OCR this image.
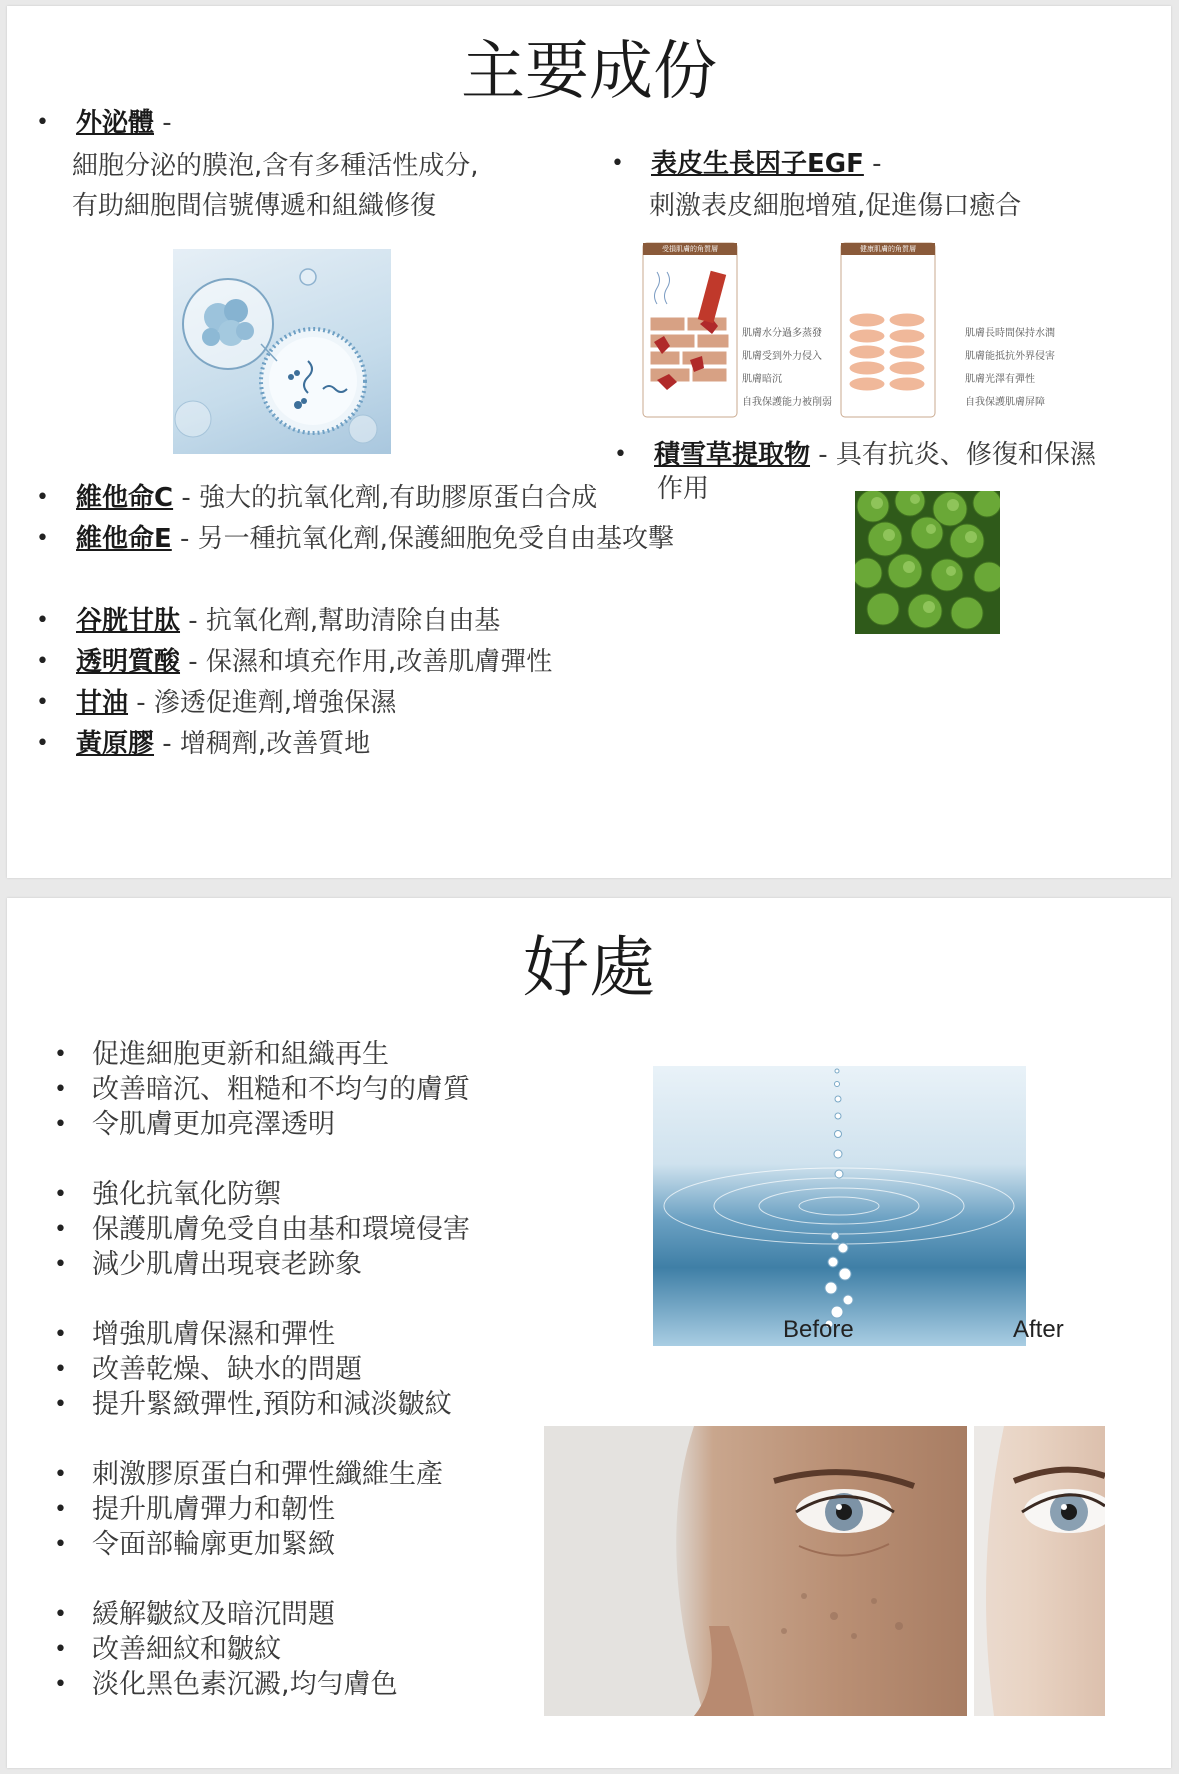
主要成份
• 外泌體 -
細胞分泌的膜泡,含有多種活性成分,
有助細胞間信號傳遞和組織修復
• 表皮生長因子EGF -
刺激表皮細胞增殖,促進傷口癒合
肌膚水分過多蒸發
肌膚受到外力侵入
肌膚暗沉
自我保護能力被削弱
受損肌膚的角質層	健康肌膚的角質層
肌膚長時間保持水潤
肌膚能抵抗外界侵害
肌膚光澤有彈性
自我保護肌膚屏障
• 積雪草提取物 - 具有抗炎、修復和保濕
作用
• 維他命C - 強大的抗氧化劑,有助膠原蛋白合成
• 維他命E - 另一種抗氧化劑,保護細胞免受自由基攻擊
• 谷胱甘肽 - 抗氧化劑,幫助清除自由基
• 透明質酸 - 保濕和填充作用,改善肌膚彈性
• 甘油 - 滲透促進劑,增強保濕
• 黃原膠 - 增稠劑,改善質地
好處
• 促進細胞更新和組織再生
• 改善暗沉、粗糙和不均勻的膚質
• 令肌膚更加亮澤透明
• 強化抗氧化防禦
• 保護肌膚免受自由基和環境侵害
• 減少肌膚出現衰老跡象
• 增強肌膚保濕和彈性
• 改善乾燥、缺水的問題
• 提升緊緻彈性,預防和減淡皺紋
• 刺激膠原蛋白和彈性纖維生產
• 提升肌膚彈力和韌性
• 令面部輪廓更加緊緻
• 緩解皺紋及暗沉問題
• 改善細紋和皺紋
• 淡化黑色素沉澱,均勻膚色
Before	After
